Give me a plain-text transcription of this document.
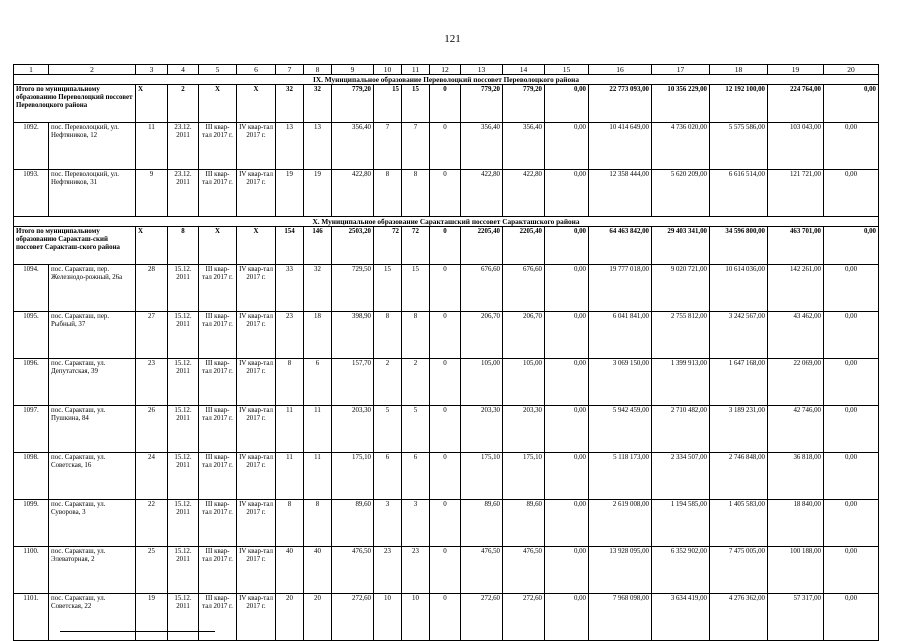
121
1	2	3	4	5	6	7	8	9	10	11	12	13	14	15	16	17	18	19	20
IX. Муниципальное образование Переволоцкий поссовет Переволоцкого района																			
Итого по муниципальному образованию Переволоцкий поссовет Переволоцкого района		X	2	X	X	32	32	779,20	15	15	0	779,20	779,20	0,00	22 773 093,00	10 356 229,00	12 192 100,00	224 764,00	0,00
1092.	пос. Переволоцкий, ул. Нефтяников, 12	11	23.12. 2011	III квар-тал 2017 г.	IV квар-тал 2017 г.	13	13	356,40	7	7	0	356,40	356,40	0,00	10 414 649,00	4 736 020,00	5 575 586,00	103 043,00	0,00
1093.	пос. Переволоцкий, ул. Нефтяников, 31	9	23.12. 2011	III квар-тал 2017 г.	IV квар-тал 2017 г.	19	19	422,80	8	8	0	422,80	422,80	0,00	12 358 444,00	5 620 209,00	6 616 514,00	121 721,00	0,00
X. Муниципальное образование Саракташский поссовет Саракташского района																			
Итого по муниципальному образованию Саракташ-ский поссовет Саракташ-ского района		X	8	X	X	154	146	2503,20	72	72	0	2205,40	2205,40	0,00	64 463 842,00	29 403 341,00	34 596 800,00	463 701,00	0,00
1094.	пос. Саракташ, пер. Железнодо-рожный, 26а	28	15.12. 2011	III квар-тал 2017 г.	IV квар-тал 2017 г.	33	32	729,50	15	15	0	676,60	676,60	0,00	19 777 018,00	9 020 721,00	10 614 036,00	142 261,00	0,00
1095.	пос. Саракташ, пер. Рыбный, 37	27	15.12. 2011	III квар-тал 2017 г.	IV квар-тал 2017 г.	23	18	398,90	8	8	0	206,70	206,70	0,00	6 041 841,00	2 755 812,00	3 242 567,00	43 462,00	0,00
1096.	пос. Саракташ, ул. Депутатская, 39	23	15.12. 2011	III квар-тал 2017 г.	IV квар-тал 2017 г.	8	6	157,70	2	2	0	105,00	105,00	0,00	3 069 150,00	1 399 913,00	1 647 168,00	22 069,00	0,00
1097.	пос. Саракташ, ул. Пушкина, 84	26	15.12. 2011	III квар-тал 2017 г.	IV квар-тал 2017 г.	11	11	203,30	5	5	0	203,30	203,30	0,00	5 942 459,00	2 710 482,00	3 189 231,00	42 746,00	0,00
1098.	пос. Саракташ, ул. Советская, 16	24	15.12. 2011	III квар-тал 2017 г.	IV квар-тал 2017 г.	11	11	175,10	6	6	0	175,10	175,10	0,00	5 118 173,00	2 334 507,00	2 746 848,00	36 818,00	0,00
1099.	пос. Саракташ, ул. Суворова, 3	22	15.12. 2011	III квар-тал 2017 г.	IV квар-тал 2017 г.	8	8	89,60	3	3	0	89,60	89,60	0,00	2 619 008,00	1 194 585,00	1 405 583,00	18 840,00	0,00
1100.	пос. Саракташ, ул. Элеваторная, 2	25	15.12. 2011	III квар-тал 2017 г.	IV квар-тал 2017 г.	40	40	476,50	23	23	0	476,50	476,50	0,00	13 928 095,00	6 352 902,00	7 475 005,00	100 188,00	0,00
1101.	пос. Саракташ, ул. Советская, 22	19	15.12. 2011	III квар-тал 2017 г.	IV квар-тал 2017 г.	20	20	272,60	10	10	0	272,60	272,60	0,00	7 968 098,00	3 634 419,00	4 276 362,00	57 317,00	0,00
